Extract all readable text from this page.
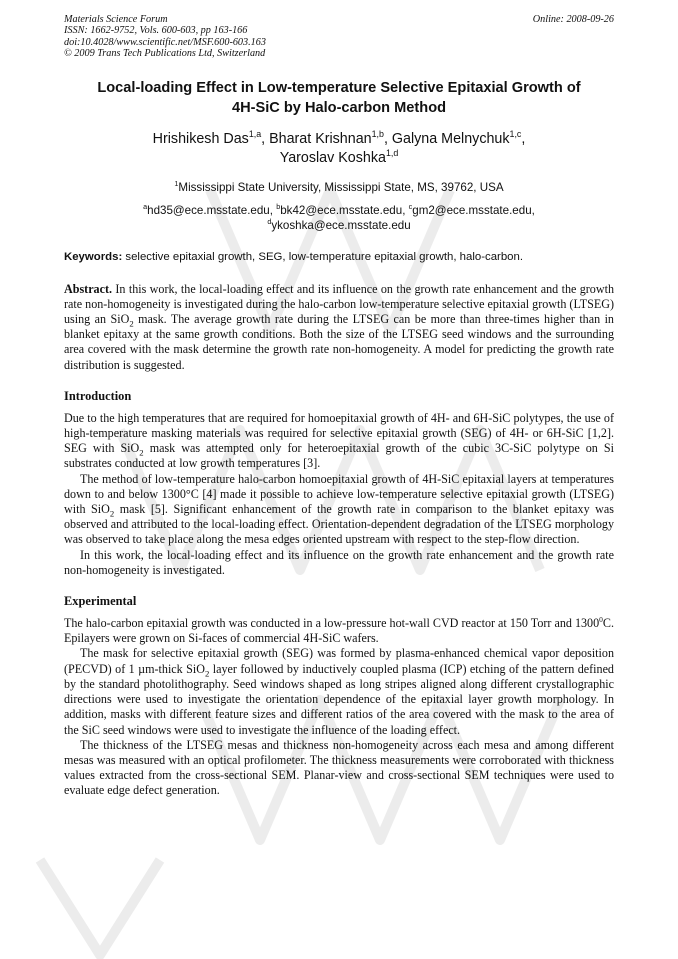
Materials Science Forum
ISSN: 1662-9752, Vols. 600-603, pp 163-166
doi:10.4028/www.scientific.net/MSF.600-603.163
© 2009 Trans Tech Publications Ltd, Switzerland
Online: 2008-09-26
Local-loading Effect in Low-temperature Selective Epitaxial Growth of
4H-SiC by Halo-carbon Method
Hrishikesh Das$^{1,a}$, Bharat Krishnan$^{1,b}$, Galyna Melnychuk$^{1,c}$,
Yaroslav Koshka$^{1,d}$
$^1$Mississippi State University, Mississippi State, MS, 39762, USA
$^a$hd35@ece.msstate.edu, $^b$bk42@ece.msstate.edu, $^c$gm2@ece.msstate.edu,
$^d$ykoshka@ece.msstate.edu
Keywords: selective epitaxial growth, SEG, low-temperature epitaxial growth, halo-carbon.

Abstract. In this work, the local-loading effect and its influence on the growth rate enhancement and the growth rate non-homogeneity is investigated during the halo-carbon low-temperature selective epitaxial growth (LTSEG) using an SiO$_2$ mask. The average growth rate during the LTSEG can be more than three-times higher than in blanket epitaxy at the same growth conditions. Both the size of the LTSEG seed windows and the surrounding area covered with the mask determine the growth rate non-homogeneity. A model for predicting the growth rate distribution is suggested.

Introduction

Due to the high temperatures that are required for homoepitaxial growth of 4H- and 6H-SiC polytypes, the use of high-temperature masking materials was required for selective epitaxial growth (SEG) of 4H- or 6H-SiC [1,2]. SEG with SiO$_2$ mask was attempted only for heteroepitaxial growth of the cubic 3C-SiC polytype on Si substrates conducted at low growth temperatures [3].

The method of low-temperature halo-carbon homoepitaxial growth of 4H-SiC epitaxial layers at temperatures down to and below 1300°C [4] made it possible to achieve low-temperature selective epitaxial growth (LTSEG) with SiO$_2$ mask [5]. Significant enhancement of the growth rate in comparison to the blanket epitaxy was observed and attributed to the local-loading effect. Orientation-dependent degradation of the LTSEG morphology was observed to take place along the mesa edges oriented upstream with respect to the step-flow direction.

In this work, the local-loading effect and its influence on the growth rate enhancement and the growth rate non-homogeneity is investigated.

Experimental

The halo-carbon epitaxial growth was conducted in a low-pressure hot-wall CVD reactor at 150 Torr and 1300$^0$C. Epilayers were grown on Si-faces of commercial 4H-SiC wafers.

The mask for selective epitaxial growth (SEG) was formed by plasma-enhanced chemical vapor deposition (PECVD) of 1 µm-thick SiO$_2$ layer followed by inductively coupled plasma (ICP) etching of the pattern defined by the standard photolithography. Seed windows shaped as long stripes aligned along different crystallographic directions were used to investigate the orientation dependence of the epitaxial layer growth morphology. In addition, masks with different feature sizes and different ratios of the area covered with the mask to the area of the SiC seed windows were used to investigate the influence of the loading effect.

The thickness of the LTSEG mesas and thickness non-homogeneity across each mesa and among different mesas was measured with an optical profilometer. The thickness measurements were corroborated with thickness values extracted from the cross-sectional SEM. Planar-view and cross-sectional SEM techniques were used to evaluate edge defect generation.
